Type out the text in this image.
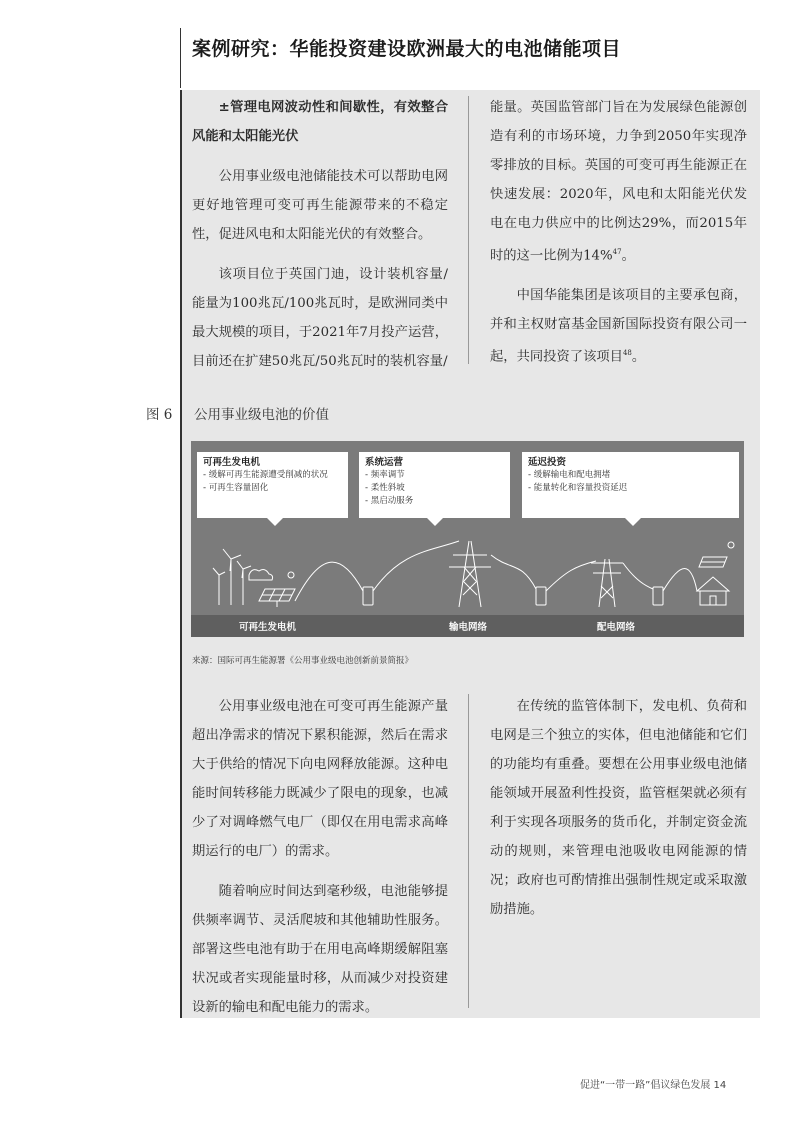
案例研究：华能投资建设欧洲最大的电池储能项目

±管理电网波动性和间歇性，有效整合风能和太阳能光伏

公用事业级电池储能技术可以帮助电网更好地管理可变可再生能源带来的不稳定性，促进风电和太阳能光伏的有效整合。

该项目位于英国门迪，设计装机容量/能量为100兆瓦/100兆瓦时，是欧洲同类中最大规模的项目，于2021年7月投产运营，目前还在扩建50兆瓦/50兆瓦时的装机容量/

能量。英国监管部门旨在为发展绿色能源创造有利的市场环境，力争到2050年实现净零排放的目标。英国的可变可再生能源正在快速发展：2020年，风电和太阳能光伏发电在电力供应中的比例达29%，而2015年时的这一比例为14%$^{47}$。

中国华能集团是该项目的主要承包商，并和主权财富基金国新国际投资有限公司一起，共同投资了该项目$^{48}$。

图 6 公用事业级电池的价值
可再生发电机
- 缓解可再生能源遭受削减的状况
- 可再生容量固化
系统运营
- 频率调节
- 柔性斜坡
- 黑启动服务
延迟投资
- 缓解输电和配电拥堵
- 能量转化和容量投资延迟
可再生发电机	输电网络	配电网络
来源：国际可再生能源署《公用事业级电池创新前景简报》

公用事业级电池在可变可再生能源产量超出净需求的情况下累积能源，然后在需求大于供给的情况下向电网释放能源。这种电能时间转移能力既减少了限电的现象，也减少了对调峰燃气电厂（即仅在用电需求高峰期运行的电厂）的需求。

随着响应时间达到毫秒级，电池能够提供频率调节、灵活爬坡和其他辅助性服务。部署这些电池有助于在用电高峰期缓解阻塞状况或者实现能量时移，从而减少对投资建设新的输电和配电能力的需求。

在传统的监管体制下，发电机、负荷和电网是三个独立的实体，但电池储能和它们的功能均有重叠。要想在公用事业级电池储能领域开展盈利性投资，监管框架就必须有利于实现各项服务的货币化，并制定资金流动的规则，来管理电池吸收电网能源的情况；政府也可酌情推出强制性规定或采取激励措施。

促进“一带一路”倡议绿色发展 14
